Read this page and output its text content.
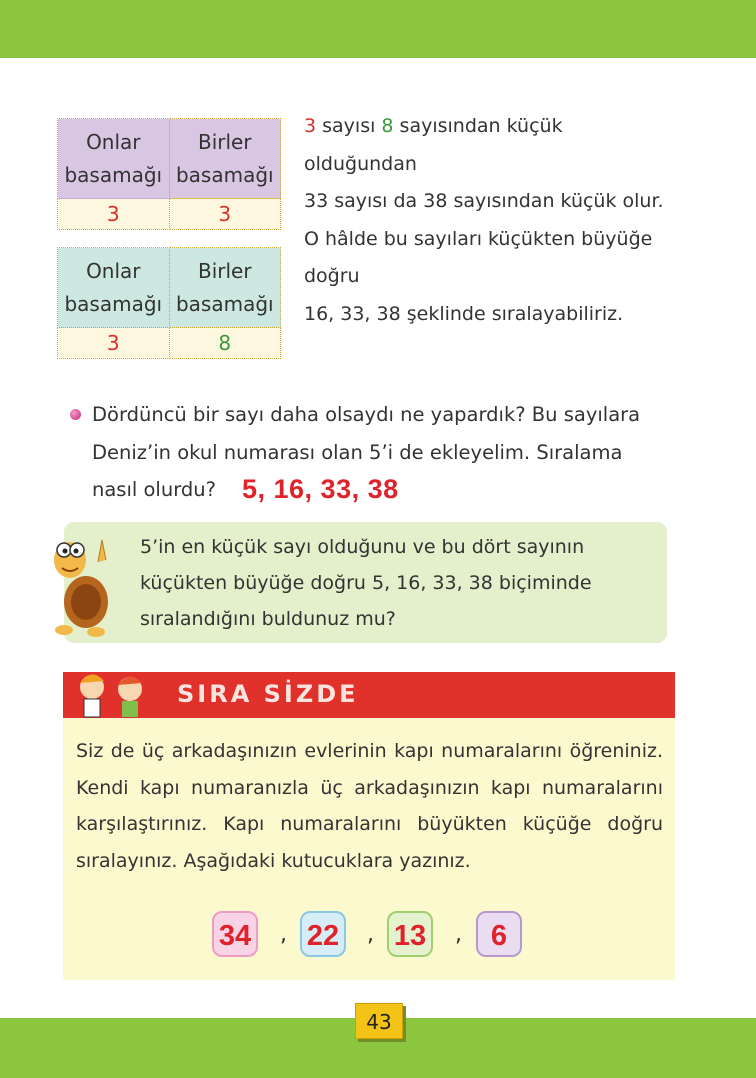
Onlar basamağı	Birler basamağı
3	3
Onlar basamağı	Birler basamağı
3	8
3 sayısı 8 sayısından küçük olduğundan
33 sayısı da 38 sayısından küçük olur.
O hâlde bu sayıları küçükten büyüğe doğru
16, 33, 38 şeklinde sıralayabiliriz.
Dördüncü bir sayı daha olsaydı ne yapardık? Bu sayılara Deniz’in okul numarası olan 5’i de ekleyelim. Sıralama nasıl olurdu? 5, 16, 33, 38
5’in en küçük sayı olduğunu ve bu dört sayının küçükten büyüğe doğru 5, 16, 33, 38 biçiminde sıralandığını buldunuz mu?
SIRA SİZDE
Siz de üç arkadaşınızın evlerinin kapı numaralarını öğreniniz. Kendi kapı numaranızla üç arkadaşınızın kapı numaralarını karşılaştırınız. Kapı numaralarını büyükten küçüğe doğru sıralayınız. Aşağıdaki kutucuklara yazınız.
34	, 22	, 13	, 6
43
